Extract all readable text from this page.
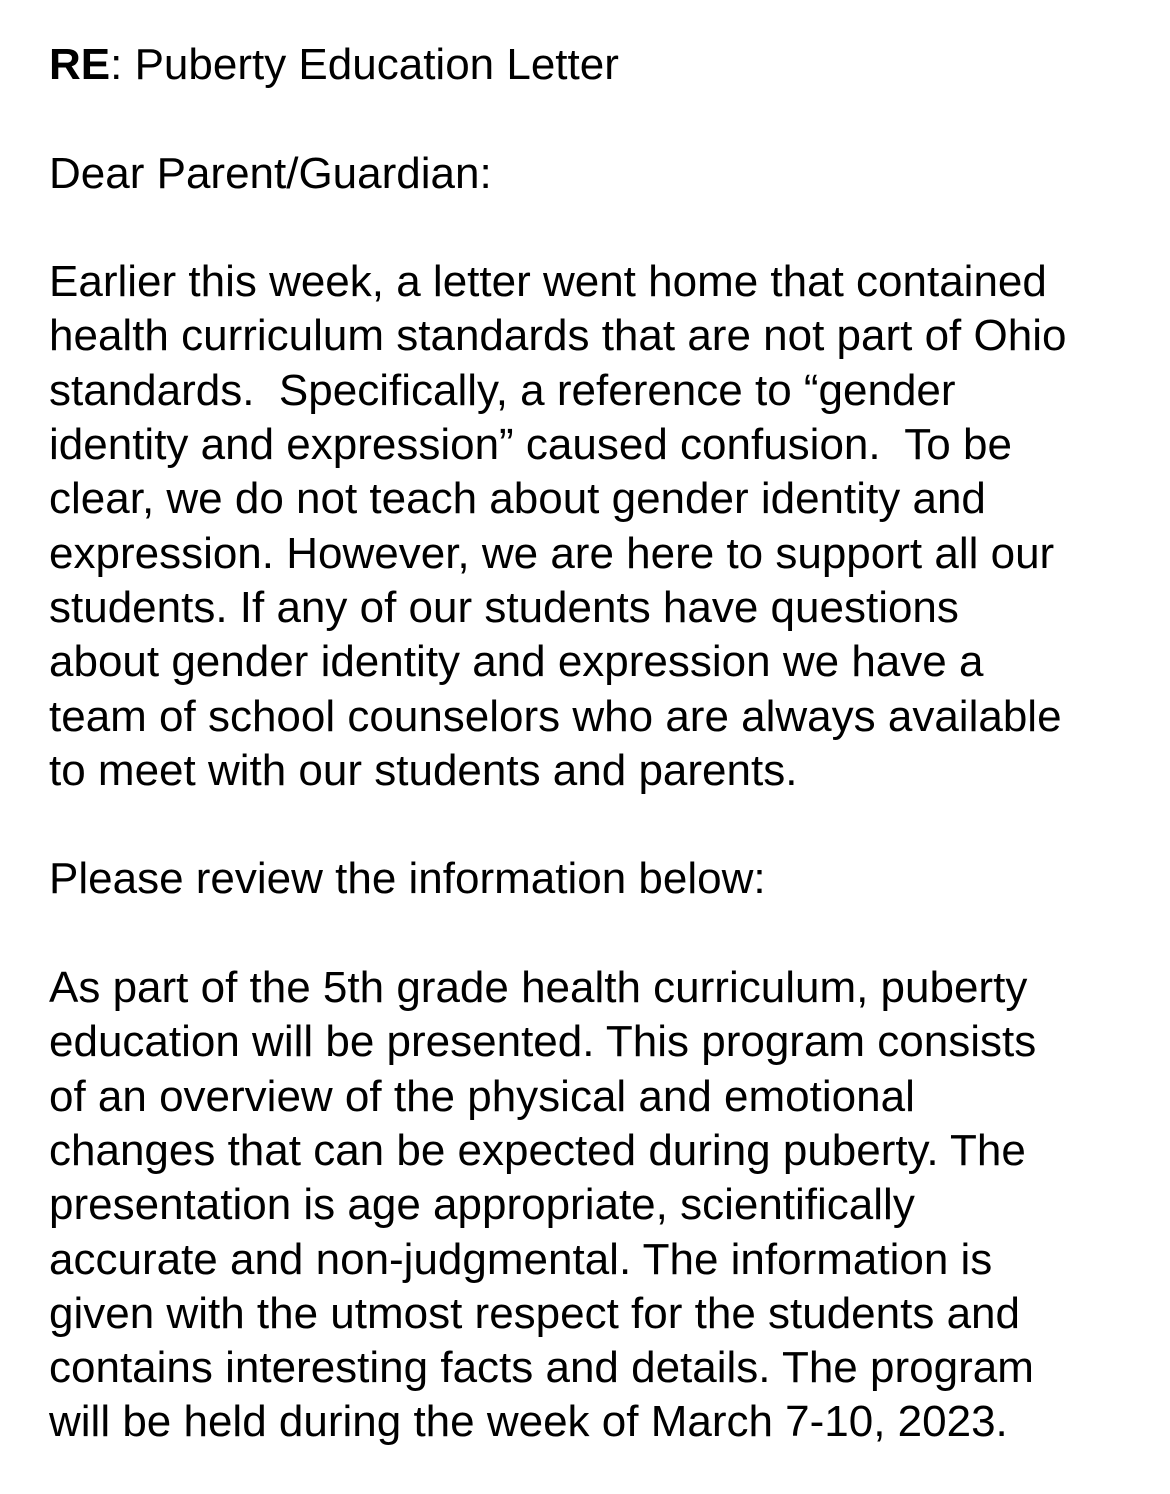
RE: Puberty Education Letter

Dear Parent/Guardian:

Earlier this week, a letter went home that contained
health curriculum standards that are not part of Ohio
standards.  Specifically, a reference to “gender
identity and expression” caused confusion.  To be
clear, we do not teach about gender identity and
expression. However, we are here to support all our
students. If any of our students have questions
about gender identity and expression we have a
team of school counselors who are always available
to meet with our students and parents.

Please review the information below:

As part of the 5th grade health curriculum, puberty
education will be presented. This program consists
of an overview of the physical and emotional
changes that can be expected during puberty. The
presentation is age appropriate, scientifically
accurate and non-judgmental. The information is
given with the utmost respect for the students and
contains interesting facts and details. The program
will be held during the week of March 7-10, 2023.
